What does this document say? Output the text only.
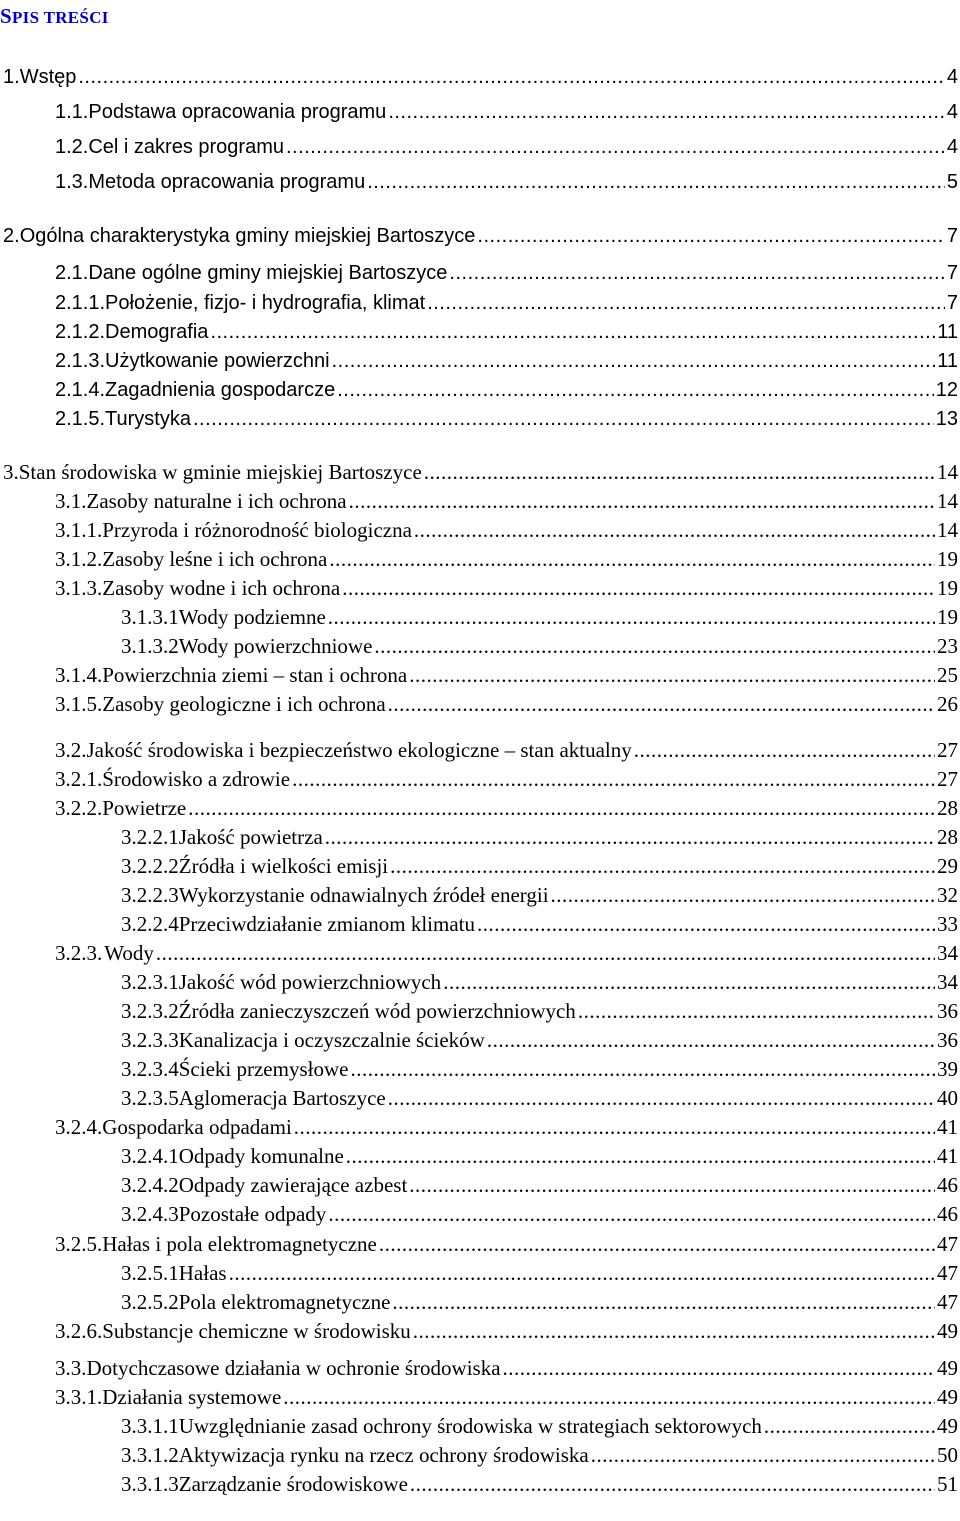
SPIS TREŚCI
1. Wstęp .....	4
1.1. Podstawa opracowania programu .....	4
1.2. Cel i zakres programu .....	4
1.3. Metoda opracowania programu .....	5
2. Ogólna charakterystyka gminy miejskiej Bartoszyce .....	7
2.1. Dane ogólne gminy miejskiej Bartoszyce .....	7
2.1.1. Położenie, fizjo- i hydrografia, klimat .....	7
2.1.2. Demografia .....	11
2.1.3. Użytkowanie powierzchni .....	11
2.1.4. Zagadnienia gospodarcze .....	12
2.1.5. Turystyka .....	13
3. Stan środowiska w gminie miejskiej Bartoszyce .....	14
3.1. Zasoby naturalne i ich ochrona .....	14
3.1.1. Przyroda i różnorodność biologiczna .....	14
3.1.2. Zasoby leśne i ich ochrona .....	19
3.1.3. Zasoby wodne i ich ochrona .....	19
3.1.3.1 Wody podziemne .....	19
3.1.3.2 Wody powierzchniowe .....	23
3.1.4. Powierzchnia ziemi – stan i ochrona .....	25
3.1.5. Zasoby geologiczne i ich ochrona .....	26
3.2. Jakość środowiska i bezpieczeństwo ekologiczne – stan aktualny .....	27
3.2.1. Środowisko a zdrowie .....	27
3.2.2. Powietrze .....	28
3.2.2.1 Jakość powietrza .....	28
3.2.2.2 Źródła i wielkości emisji .....	29
3.2.2.3 Wykorzystanie odnawialnych źródeł energii .....	32
3.2.2.4 Przeciwdziałanie zmianom klimatu .....	33
3.2.3. Wody .....	34
3.2.3.1 Jakość wód powierzchniowych .....	34
3.2.3.2 Źródła zanieczyszczeń wód powierzchniowych .....	36
3.2.3.3 Kanalizacja i oczyszczalnie ścieków .....	36
3.2.3.4 Ścieki przemysłowe .....	39
3.2.3.5 Aglomeracja Bartoszyce .....	40
3.2.4. Gospodarka odpadami .....	41
3.2.4.1 Odpady komunalne .....	41
3.2.4.2 Odpady zawierające azbest .....	46
3.2.4.3 Pozostałe odpady .....	46
3.2.5. Hałas i pola elektromagnetyczne .....	47
3.2.5.1 Hałas .....	47
3.2.5.2 Pola elektromagnetyczne .....	47
3.2.6. Substancje chemiczne w środowisku .....	49
3.3. Dotychczasowe działania w ochronie środowiska .....	49
3.3.1. Działania systemowe .....	49
3.3.1.1 Uwzględnianie zasad ochrony środowiska w strategiach sektorowych .....	49
3.3.1.2 Aktywizacja rynku na rzecz ochrony środowiska .....	50
3.3.1.3 Zarządzanie środowiskowe .....	51
